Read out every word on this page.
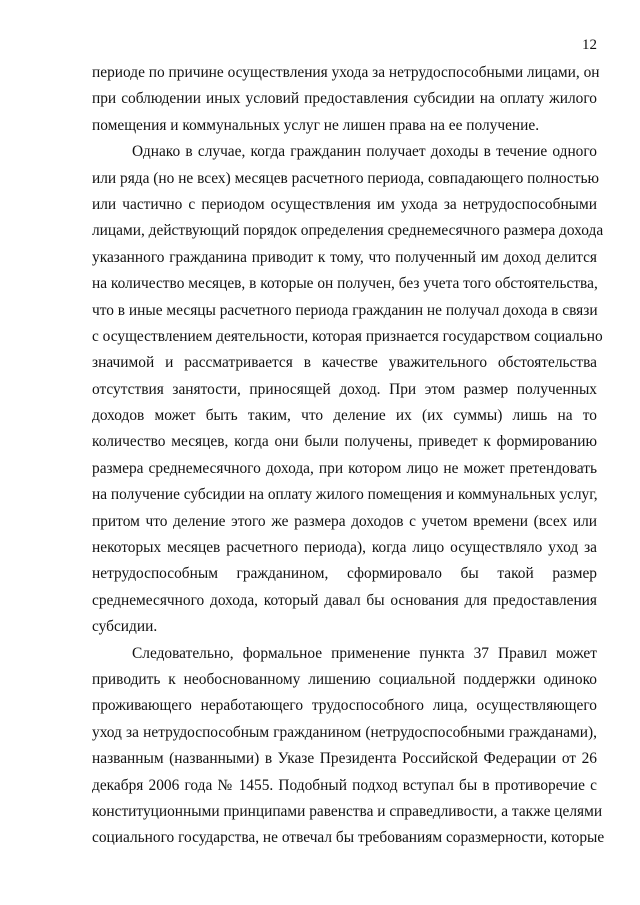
12
периоде по причине осуществления ухода за нетрудоспособными лицами, он
при соблюдении иных условий предоставления субсидии на оплату жилого
помещения и коммунальных услуг не лишен права на ее получение.
Однако в случае, когда гражданин получает доходы в течение одного
или ряда (но не всех) месяцев расчетного периода, совпадающего полностью
или частично с периодом осуществления им ухода за нетрудоспособными
лицами, действующий порядок определения среднемесячного размера дохода
указанного гражданина приводит к тому, что полученный им доход делится
на количество месяцев, в которые он получен, без учета того обстоятельства,
что в иные месяцы расчетного периода гражданин не получал дохода в связи
с осуществлением деятельности, которая признается государством социально
значимой и рассматривается в качестве уважительного обстоятельства
отсутствия занятости, приносящей доход. При этом размер полученных
доходов может быть таким, что деление их (их суммы) лишь на то
количество месяцев, когда они были получены, приведет к формированию
размера среднемесячного дохода, при котором лицо не может претендовать
на получение субсидии на оплату жилого помещения и коммунальных услуг,
притом что деление этого же размера доходов с учетом времени (всех или
некоторых месяцев расчетного периода), когда лицо осуществляло уход за
нетрудоспособным гражданином, сформировало бы такой размер
среднемесячного дохода, который давал бы основания для предоставления
субсидии.
Следовательно, формальное применение пункта 37 Правил может
приводить к необоснованному лишению социальной поддержки одиноко
проживающего неработающего трудоспособного лица, осуществляющего
уход за нетрудоспособным гражданином (нетрудоспособными гражданами),
названным (названными) в Указе Президента Российской Федерации от 26
декабря 2006 года № 1455. Подобный подход вступал бы в противоречие с
конституционными принципами равенства и справедливости, а также целями
социального государства, не отвечал бы требованиям соразмерности, которые
